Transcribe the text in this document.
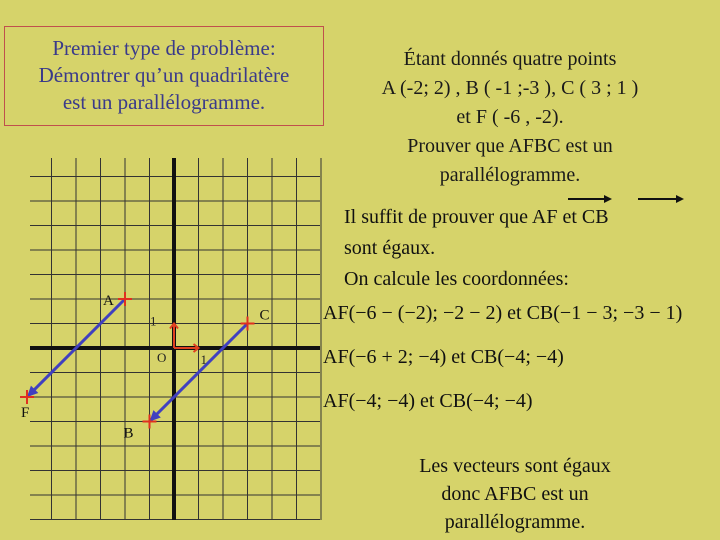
Premier type de problème:
Démontrer qu’un quadrilatère
est un parallélogramme.
Étant donnés quatre points
A (-2; 2) , B ( -1 ;-3 ), C ( 3 ; 1 )
et F ( -6 , -2).
Prouver que AFBC est un
parallélogramme.
Il suffit de prouver que AF et CB
sont égaux.
On calcule les coordonnées:
AF(−6 − (−2); −2 − 2) et CB(−1 − 3; −3 − 1)
AF(−6 + 2; −4) et CB(−4; −4)
AF(−4; −4) et CB(−4; −4)
Les vecteurs sont égaux
donc AFBC est un
parallélogramme.
A
B
C
F
O	1
1
